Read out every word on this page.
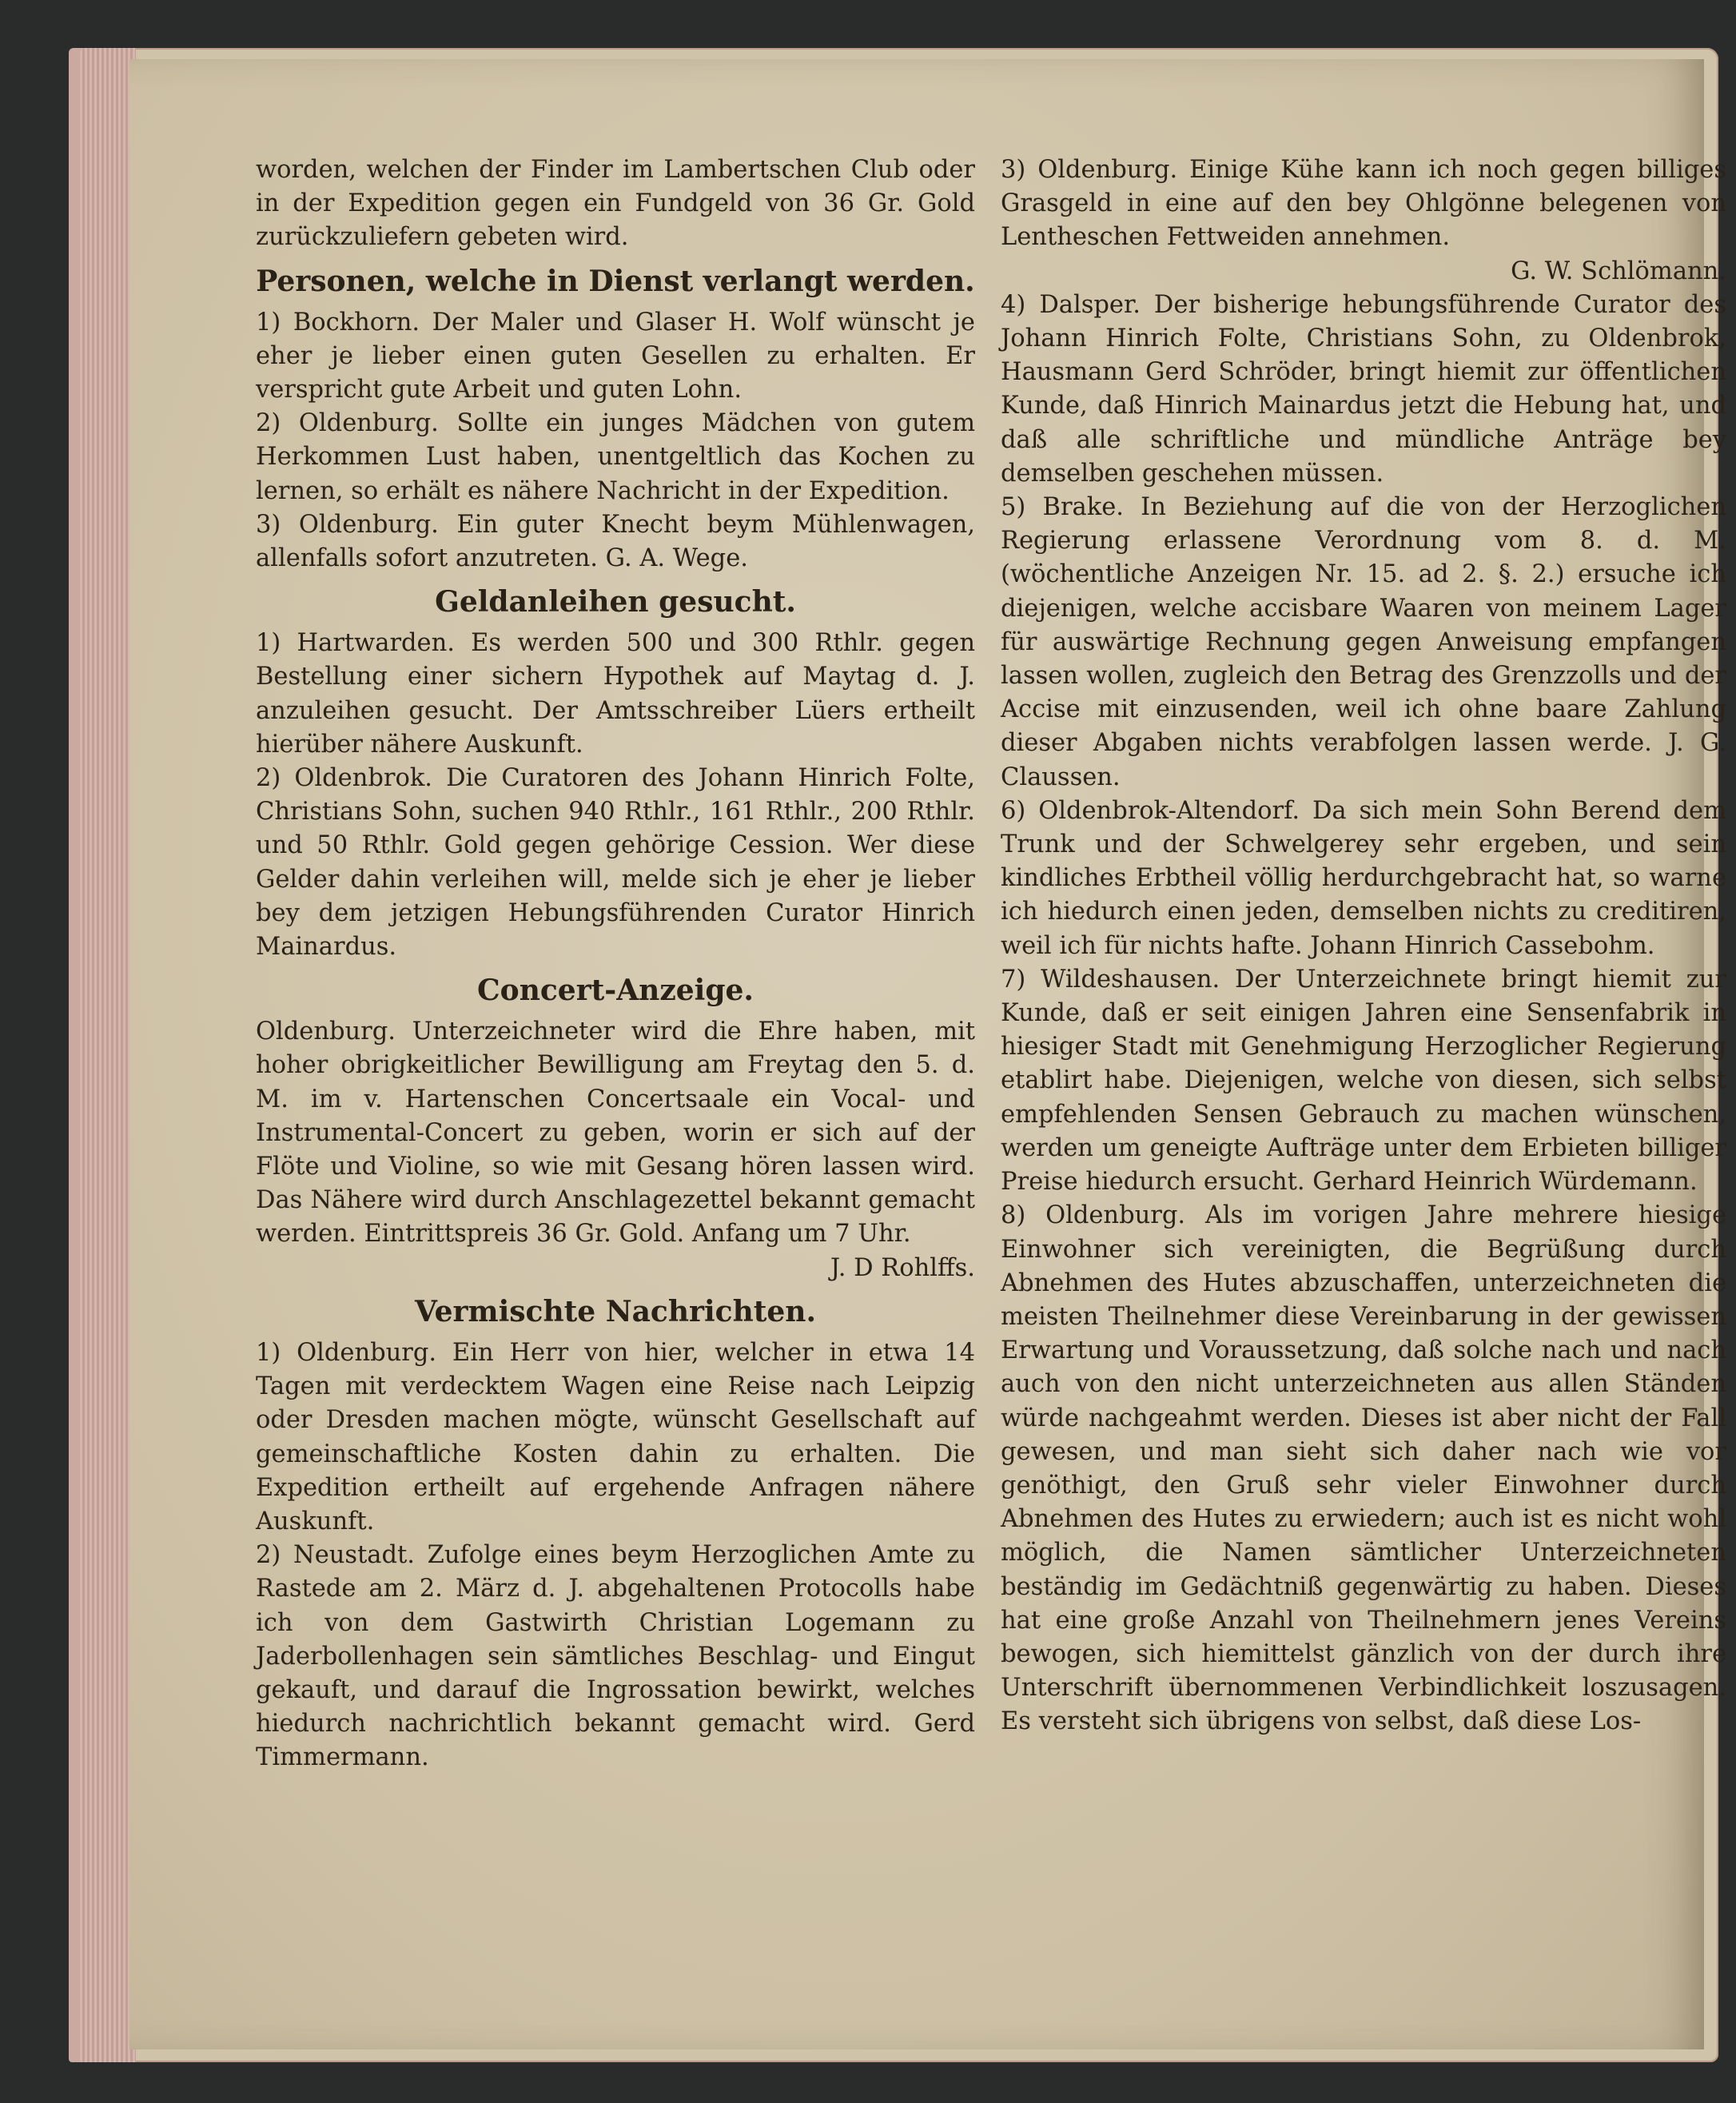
worden, welchen der Finder im Lambertschen Club oder in der Expedition gegen ein Fundgeld von 36 Gr. Gold zurückzuliefern gebeten wird.

Personen, welche in Dienst verlangt werden.

1) Bockhorn. Der Maler und Glaser H. Wolf wünscht je eher je lieber einen guten Gesellen zu erhalten. Er verspricht gute Arbeit und guten Lohn.

2) Oldenburg. Sollte ein junges Mädchen von gutem Herkommen Lust haben, unentgeltlich das Kochen zu lernen, so erhält es nähere Nachricht in der Expedition.

3) Oldenburg. Ein guter Knecht beym Mühlenwagen, allenfalls sofort anzutreten. G. A. Wege.

Geldanleihen gesucht.

1) Hartwarden. Es werden 500 und 300 Rthlr. gegen Bestellung einer sichern Hypothek auf Maytag d. J. anzuleihen gesucht. Der Amtsschreiber Lüers ertheilt hierüber nähere Auskunft.

2) Oldenbrok. Die Curatoren des Johann Hinrich Folte, Christians Sohn, suchen 940 Rthlr., 161 Rthlr., 200 Rthlr. und 50 Rthlr. Gold gegen gehörige Cession. Wer diese Gelder dahin verleihen will, melde sich je eher je lieber bey dem jetzigen Hebungsführenden Curator Hinrich Mainardus.

Concert-Anzeige.

Oldenburg. Unterzeichneter wird die Ehre haben, mit hoher obrigkeitlicher Bewilligung am Freytag den 5. d. M. im v. Hartenschen Concertsaale ein Vocal- und Instrumental-Concert zu geben, worin er sich auf der Flöte und Violine, so wie mit Gesang hören lassen wird. Das Nähere wird durch Anschlagezettel bekannt gemacht werden. Eintrittspreis 36 Gr. Gold. Anfang um 7 Uhr.

J. D Rohlffs.

Vermischte Nachrichten.

1) Oldenburg. Ein Herr von hier, welcher in etwa 14 Tagen mit verdecktem Wagen eine Reise nach Leipzig oder Dresden machen mögte, wünscht Gesellschaft auf gemeinschaftliche Kosten dahin zu erhalten. Die Expedition ertheilt auf ergehende Anfragen nähere Auskunft.

2) Neustadt. Zufolge eines beym Herzoglichen Amte zu Rastede am 2. März d. J. abgehaltenen Protocolls habe ich von dem Gastwirth Christian Logemann zu Jaderbollenhagen sein sämtliches Beschlag- und Eingut gekauft, und darauf die Ingrossation bewirkt, welches hiedurch nachrichtlich bekannt gemacht wird. Gerd Timmermann.

3) Oldenburg. Einige Kühe kann ich noch gegen billiges Grasgeld in eine auf den bey Ohlgönne belegenen von Lentheschen Fettweiden annehmen.

G. W. Schlömann.

4) Dalsper. Der bisherige hebungsführende Curator des Johann Hinrich Folte, Christians Sohn, zu Oldenbrok, Hausmann Gerd Schröder, bringt hiemit zur öffentlichen Kunde, daß Hinrich Mainardus jetzt die Hebung hat, und daß alle schriftliche und mündliche Anträge bey demselben geschehen müssen.

5) Brake. In Beziehung auf die von der Herzoglichen Regierung erlassene Verordnung vom 8. d. M. (wöchentliche Anzeigen Nr. 15. ad 2. §. 2.) ersuche ich diejenigen, welche accisbare Waaren von meinem Lager für auswärtige Rechnung gegen Anweisung empfangen lassen wollen, zugleich den Betrag des Grenzzolls und der Accise mit einzusenden, weil ich ohne baare Zahlung dieser Abgaben nichts verabfolgen lassen werde. J. G. Claussen.

6) Oldenbrok-Altendorf. Da sich mein Sohn Berend dem Trunk und der Schwelgerey sehr ergeben, und sein kindliches Erbtheil völlig herdurchgebracht hat, so warne ich hiedurch einen jeden, demselben nichts zu creditiren, weil ich für nichts hafte. Johann Hinrich Cassebohm.

7) Wildeshausen. Der Unterzeichnete bringt hiemit zur Kunde, daß er seit einigen Jahren eine Sensenfabrik in hiesiger Stadt mit Genehmigung Herzoglicher Regierung etablirt habe. Diejenigen, welche von diesen, sich selbst empfehlenden Sensen Gebrauch zu machen wünschen, werden um geneigte Aufträge unter dem Erbieten billiger Preise hiedurch ersucht. Gerhard Heinrich Würdemann.

8) Oldenburg. Als im vorigen Jahre mehrere hiesige Einwohner sich vereinigten, die Begrüßung durch Abnehmen des Hutes abzuschaffen, unterzeichneten die meisten Theilnehmer diese Vereinbarung in der gewissen Erwartung und Voraussetzung, daß solche nach und nach auch von den nicht unterzeichneten aus allen Ständen würde nachgeahmt werden. Dieses ist aber nicht der Fall gewesen, und man sieht sich daher nach wie vor genöthigt, den Gruß sehr vieler Einwohner durch Abnehmen des Hutes zu erwiedern; auch ist es nicht wohl möglich, die Namen sämtlicher Unterzeichneten beständig im Gedächtniß gegenwärtig zu haben. Dieses hat eine große Anzahl von Theilnehmern jenes Vereins bewogen, sich hiemittelst gänzlich von der durch ihre Unterschrift übernommenen Verbindlichkeit loszusagen. Es versteht sich übrigens von selbst, daß diese Los-
